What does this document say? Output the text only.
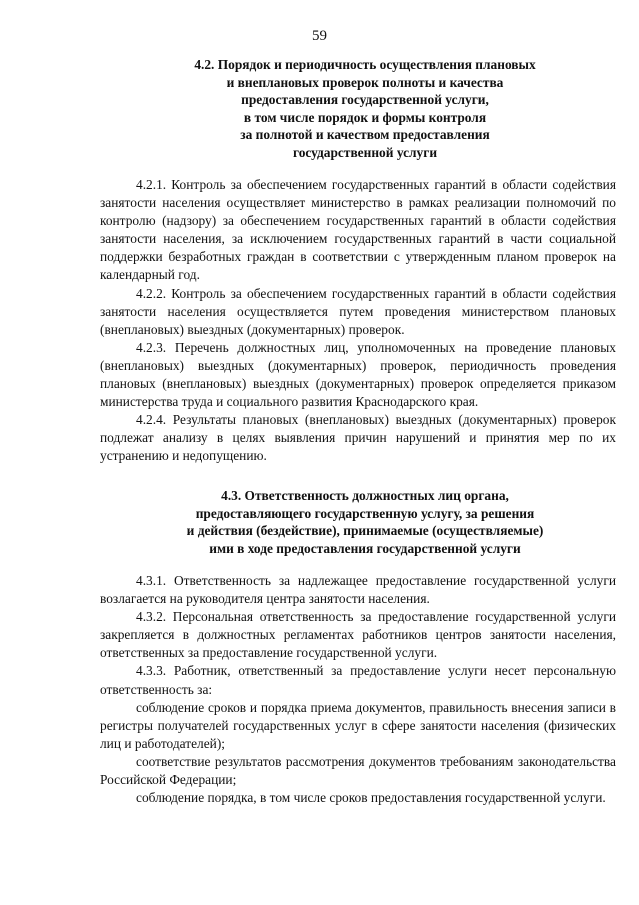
59
4.2. Порядок и периодичность осуществления плановых
и внеплановых проверок полноты и качества
предоставления государственной услуги,
в том числе порядок и формы контроля
за полнотой и качеством предоставления
государственной услуги

4.2.1. Контроль за обеспечением государственных гарантий в области содействия занятости населения осуществляет министерство в рамках реализации полномочий по контролю (надзору) за обеспечением государственных гарантий в области содействия занятости населения, за исключением государственных гарантий в части социальной поддержки безработных граждан в соответствии с утвержденным планом проверок на календарный год.

4.2.2. Контроль за обеспечением государственных гарантий в области содействия занятости населения осуществляется путем проведения министерством плановых (внеплановых) выездных (документарных) проверок.

4.2.3. Перечень должностных лиц, уполномоченных на проведение плановых (внеплановых) выездных (документарных) проверок, периодичность проведения плановых (внеплановых) выездных (документарных) проверок определяется приказом министерства труда и социального развития Краснодарского края.

4.2.4. Результаты плановых (внеплановых) выездных (документарных) проверок подлежат анализу в целях выявления причин нарушений и принятия мер по их устранению и недопущению.

4.3. Ответственность должностных лиц органа,
предоставляющего государственную услугу, за решения
и действия (бездействие), принимаемые (осуществляемые)
ими в ходе предоставления государственной услуги

4.3.1. Ответственность за надлежащее предоставление государственной услуги возлагается на руководителя центра занятости населения.

4.3.2. Персональная ответственность за предоставление государственной услуги закрепляется в должностных регламентах работников центров занятости населения, ответственных за предоставление государственной услуги.

4.3.3. Работник, ответственный за предоставление услуги несет персональную ответственность за:

соблюдение сроков и порядка приема документов, правильность внесения записи в регистры получателей государственных услуг в сфере занятости населения (физических лиц и работодателей);

соответствие результатов рассмотрения документов требованиям законодательства Российской Федерации;

соблюдение порядка, в том числе сроков предоставления государственной услуги.
